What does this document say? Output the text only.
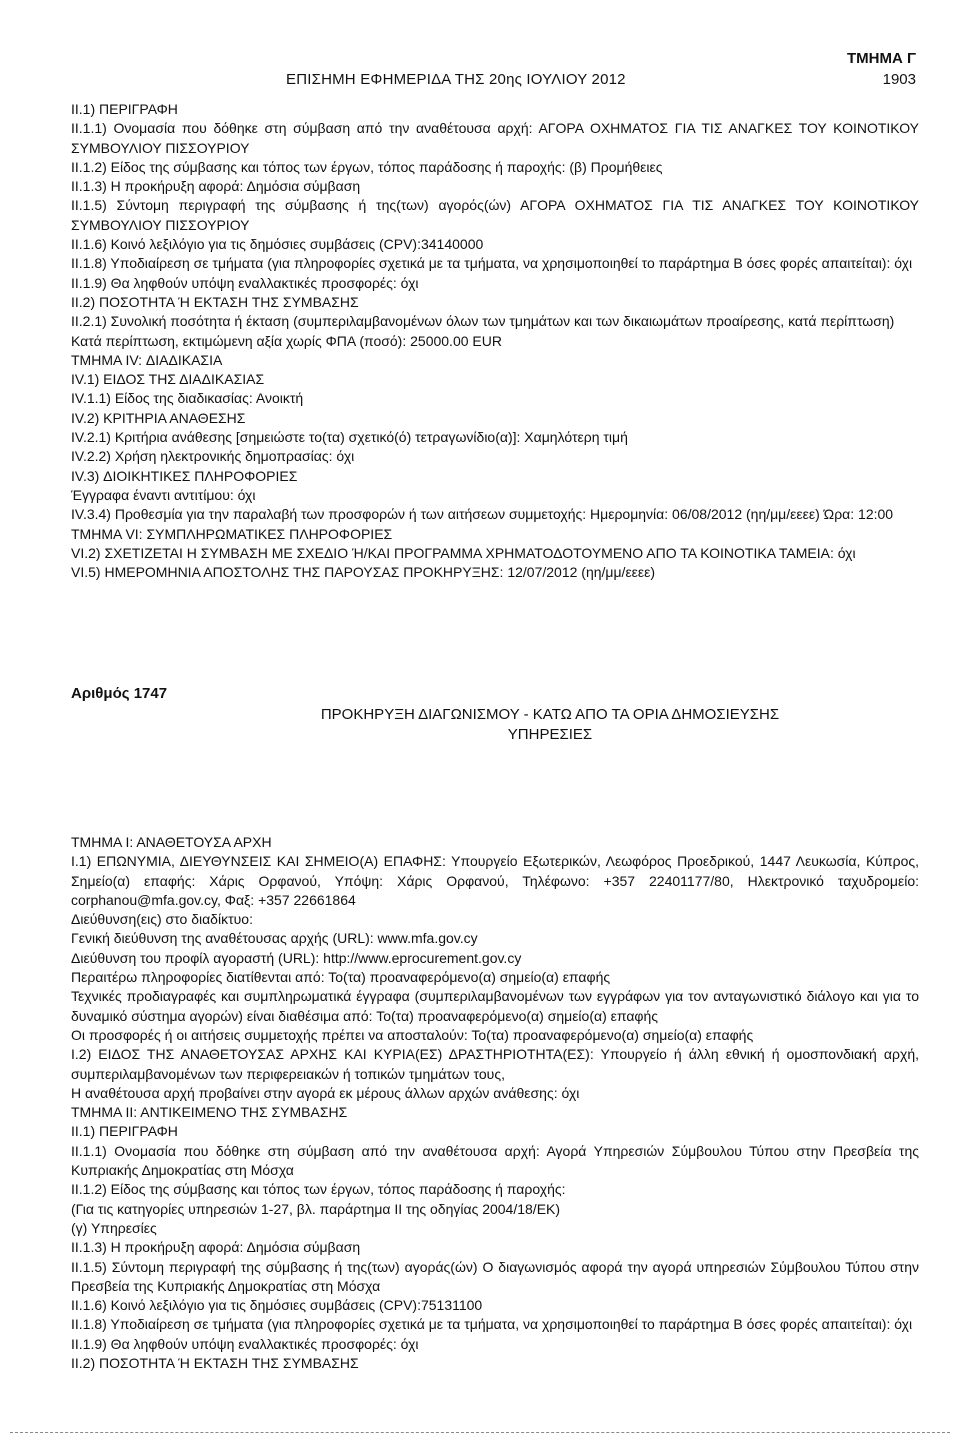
ΤΜΗΜΑ Γ
ΕΠΙΣΗΜΗ ΕΦΗΜΕΡΙΔΑ ΤΗΣ 20ης ΙΟΥΛΙΟΥ 2012	1903

ΙΙ.1) ΠΕΡΙΓΡΑΦΗ

ΙΙ.1.1) Ονομασία που δόθηκε στη σύμβαση από την αναθέτουσα αρχή: ΑΓΟΡΑ ΟΧΗΜΑΤΟΣ ΓΙΑ ΤΙΣ ΑΝΑΓΚΕΣ ΤΟΥ ΚΟΙΝΟΤΙΚΟΥ ΣΥΜΒΟΥΛΙΟΥ ΠΙΣΣΟΥΡΙΟΥ

ΙΙ.1.2) Είδος της σύμβασης και τόπος των έργων, τόπος παράδοσης ή παροχής: (β) Προμήθειες

ΙΙ.1.3) Η προκήρυξη αφορά: Δημόσια σύμβαση

ΙΙ.1.5) Σύντομη περιγραφή της σύμβασης ή της(των) αγορός(ών) ΑΓΟΡΑ ΟΧΗΜΑΤΟΣ ΓΙΑ ΤΙΣ ΑΝΑΓΚΕΣ ΤΟΥ ΚΟΙΝΟΤΙΚΟΥ ΣΥΜΒΟΥΛΙΟΥ ΠΙΣΣΟΥΡΙΟΥ

ΙΙ.1.6) Κοινό λεξιλόγιο για τις δημόσιες συμβάσεις (CPV):34140000

ΙΙ.1.8) Υποδιαίρεση σε τμήματα (για πληροφορίες σχετικά με τα τμήματα, να χρησιμοποιηθεί το παράρτημα Β όσες φορές απαιτείται): όχι

ΙΙ.1.9) Θα ληφθούν υπόψη εναλλακτικές προσφορές: όχι

ΙΙ.2) ΠΟΣΟΤΗΤΑ Ή ΕΚΤΑΣΗ ΤΗΣ ΣΥΜΒΑΣΗΣ

ΙΙ.2.1) Συνολική ποσότητα ή έκταση (συμπεριλαμβανομένων όλων των τμημάτων και των δικαιωμάτων προαίρεσης, κατά περίπτωση)

Κατά περίπτωση, εκτιμώμενη αξία χωρίς ΦΠΑ (ποσό): 25000.00 EUR

ΤΜΗΜΑ IV: ΔΙΑΔΙΚΑΣΙΑ

IV.1) ΕΙΔΟΣ ΤΗΣ ΔΙΑΔΙΚΑΣΙΑΣ

IV.1.1) Είδος της διαδικασίας: Ανοικτή

IV.2) ΚΡΙΤΗΡΙΑ ΑΝΑΘΕΣΗΣ

IV.2.1) Κριτήρια ανάθεσης [σημειώστε το(τα) σχετικό(ό) τετραγωνίδιο(α)]: Χαμηλότερη τιμή

IV.2.2) Χρήση ηλεκτρονικής δημοπρασίας: όχι

IV.3) ΔΙΟΙΚΗΤΙΚΕΣ ΠΛΗΡΟΦΟΡΙΕΣ

Έγγραφα έναντι αντιτίμου: όχι

IV.3.4) Προθεσμία για την παραλαβή των προσφορών ή των αιτήσεων συμμετοχής: Ημερομηνία: 06/08/2012 (ηη/μμ/εεεε) Ώρα: 12:00

ΤΜΗΜΑ VI: ΣΥΜΠΛΗΡΩΜΑΤΙΚΕΣ ΠΛΗΡΟΦΟΡΙΕΣ

VI.2) ΣΧΕΤΙΖΕΤΑΙ Η ΣΥΜΒΑΣΗ ΜΕ ΣΧΕΔΙΟ Ή/ΚΑΙ ΠΡΟΓΡΑΜΜΑ ΧΡΗΜΑΤΟΔΟΤΟΥΜΕΝΟ ΑΠΟ ΤΑ ΚΟΙΝΟΤΙΚΑ ΤΑΜΕΙΑ: όχι

VI.5) ΗΜΕΡΟΜΗΝΙΑ ΑΠΟΣΤΟΛΗΣ ΤΗΣ ΠΑΡΟΥΣΑΣ ΠΡΟΚΗΡΥΞΗΣ: 12/07/2012 (ηη/μμ/εεεε)

Αριθμός 1747
ΠΡΟΚΗΡΥΞΗ ΔΙΑΓΩΝΙΣΜΟΥ - ΚΑΤΩ ΑΠΟ ΤΑ ΟΡΙΑ ΔΗΜΟΣΙΕΥΣΗΣ
ΥΠΗΡΕΣΙΕΣ

ΤΜΗΜΑ Ι: ΑΝΑΘΕΤΟΥΣΑ ΑΡΧΗ

Ι.1) ΕΠΩΝΥΜΙΑ, ΔΙΕΥΘΥΝΣΕΙΣ ΚΑΙ ΣΗΜΕΙΟ(Α) ΕΠΑΦΗΣ: Υπουργείο Εξωτερικών, Λεωφόρος Προεδρικού, 1447 Λευκωσία, Κύπρος, Σημείο(α) επαφής: Χάρις Ορφανού, Υπόψη: Χάρις Ορφανού, Τηλέφωνο: +357 22401177/80, Ηλεκτρονικό ταχυδρομείο: corphanou@mfa.gov.cy, Φαξ: +357 22661864

Διεύθυνση(εις) στο διαδίκτυο:

Γενική διεύθυνση της αναθέτουσας αρχής (URL): www.mfa.gov.cy

Διεύθυνση του προφίλ αγοραστή (URL): http://www.eprocurement.gov.cy

Περαιτέρω πληροφορίες διατίθενται από: Το(τα) προαναφερόμενο(α) σημείο(α) επαφής

Τεχνικές προδιαγραφές και συμπληρωματικά έγγραφα (συμπεριλαμβανομένων των εγγράφων για τον ανταγωνιστικό διάλογο και για το δυναμικό σύστημα αγορών) είναι διαθέσιμα από: Το(τα) προαναφερόμενο(α) σημείο(α) επαφής

Οι προσφορές ή οι αιτήσεις συμμετοχής πρέπει να αποσταλούν: Το(τα) προαναφερόμενο(α) σημείο(α) επαφής

Ι.2) ΕΙΔΟΣ ΤΗΣ ΑΝΑΘΕΤΟΥΣΑΣ ΑΡΧΗΣ ΚΑΙ ΚΥΡΙΑ(ΕΣ) ΔΡΑΣΤΗΡΙΟΤΗΤΑ(ΕΣ): Υπουργείο ή άλλη εθνική ή ομοσπονδιακή αρχή, συμπεριλαμβανομένων των περιφερειακών ή τοπικών τμημάτων τους,

Η αναθέτουσα αρχή προβαίνει στην αγορά εκ μέρους άλλων αρχών ανάθεσης: όχι

ΤΜΗΜΑ ΙΙ: ΑΝΤΙΚΕΙΜΕΝΟ ΤΗΣ ΣΥΜΒΑΣΗΣ

ΙΙ.1) ΠΕΡΙΓΡΑΦΗ

ΙΙ.1.1) Ονομασία που δόθηκε στη σύμβαση από την αναθέτουσα αρχή: Αγορά Υπηρεσιών Σύμβουλου Τύπου στην Πρεσβεία της Κυπριακής Δημοκρατίας στη Μόσχα

ΙΙ.1.2) Είδος της σύμβασης και τόπος των έργων, τόπος παράδοσης ή παροχής:

(Για τις κατηγορίες υπηρεσιών 1-27, βλ. παράρτημα ΙΙ της οδηγίας 2004/18/ΕΚ)

(γ) Υπηρεσίες

ΙΙ.1.3) Η προκήρυξη αφορά: Δημόσια σύμβαση

ΙΙ.1.5) Σύντομη περιγραφή της σύμβασης ή της(των) αγοράς(ών) Ο διαγωνισμός αφορά την αγορά υπηρεσιών Σύμβουλου Τύπου στην Πρεσβεία της Κυπριακής Δημοκρατίας στη Μόσχα

ΙΙ.1.6) Κοινό λεξιλόγιο για τις δημόσιες συμβάσεις (CPV):75131100

ΙΙ.1.8) Υποδιαίρεση σε τμήματα (για πληροφορίες σχετικά με τα τμήματα, να χρησιμοποιηθεί το παράρτημα Β όσες φορές απαιτείται): όχι

ΙΙ.1.9) Θα ληφθούν υπόψη εναλλακτικές προσφορές: όχι

ΙΙ.2) ΠΟΣΟΤΗΤΑ Ή ΕΚΤΑΣΗ ΤΗΣ ΣΥΜΒΑΣΗΣ
